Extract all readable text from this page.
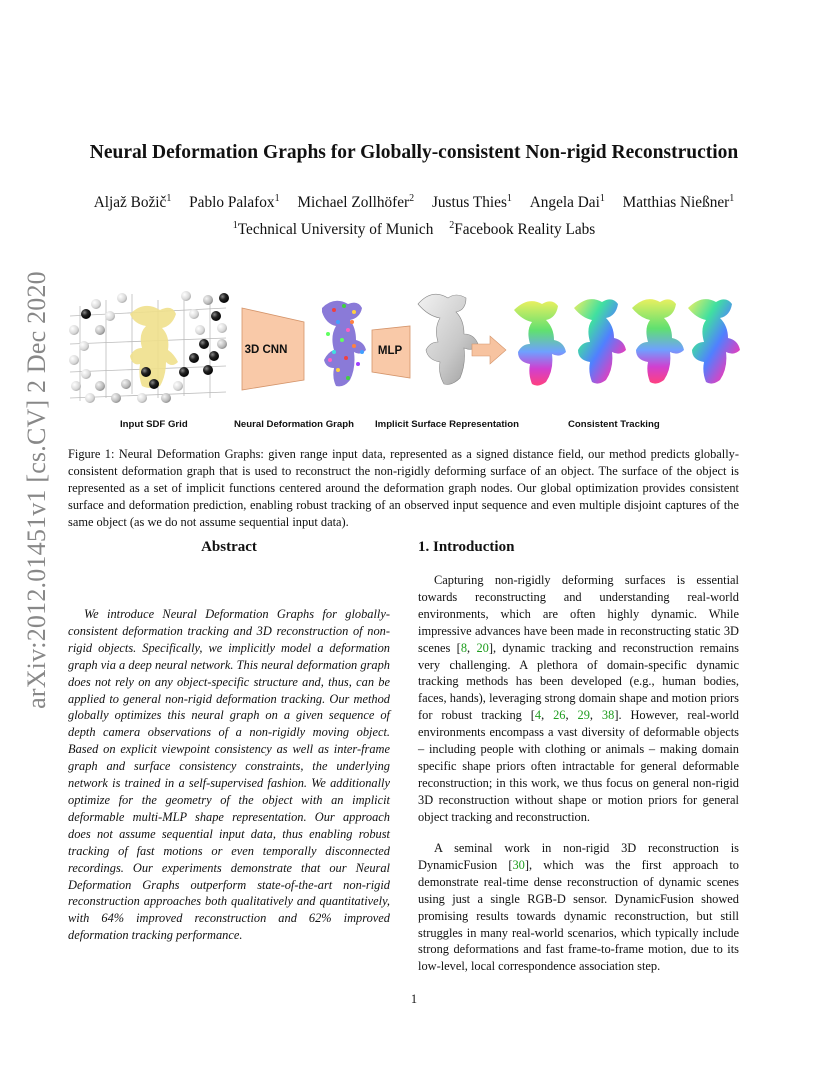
arXiv:2012.01451v1 [cs.CV] 2 Dec 2020
Neural Deformation Graphs for Globally-consistent Non-rigid Reconstruction
Aljaž Božič$^1$ Pablo Palafox$^1$ Michael Zollhöfer$^2$ Justus Thies$^1$ Angela Dai$^1$ Matthias Nießner$^1$
$^1$Technical University of Munich $^2$Facebook Reality Labs
3D CNN	MLP
Input SDF Grid	Neural Deformation Graph Implicit Surface Representation	Consistent Tracking

Figure 1: Neural Deformation Graphs: given range input data, represented as a signed distance field, our method predicts globally-consistent deformation graph that is used to reconstruct the non-rigidly deforming surface of an object. The surface of the object is represented as a set of implicit functions centered around the deformation graph nodes. Our global optimization provides consistent surface and deformation prediction, enabling robust tracking of an observed input sequence and even multiple disjoint captures of the same object (as we do not assume sequential input data).

Abstract

We introduce Neural Deformation Graphs for globally-consistent deformation tracking and 3D reconstruction of non-rigid objects. Specifically, we implicitly model a deformation graph via a deep neural network. This neural deformation graph does not rely on any object-specific structure and, thus, can be applied to general non-rigid deformation tracking. Our method globally optimizes this neural graph on a given sequence of depth camera observations of a non-rigidly moving object. Based on explicit viewpoint consistency as well as inter-frame graph and surface consistency constraints, the underlying network is trained in a self-supervised fashion. We additionally optimize for the geometry of the object with an implicit deformable multi-MLP shape representation. Our approach does not assume sequential input data, thus enabling robust tracking of fast motions or even temporally disconnected recordings. Our experiments demonstrate that our Neural Deformation Graphs outperform state-of-the-art non-rigid reconstruction approaches both qualitatively and quantitatively, with 64% improved reconstruction and 62% improved deformation tracking performance.

1. Introduction

Capturing non-rigidly deforming surfaces is essential towards reconstructing and understanding real-world environments, which are often highly dynamic. While impressive advances have been made in reconstructing static 3D scenes [8, 20], dynamic tracking and reconstruction remains very challenging. A plethora of domain-specific dynamic tracking methods has been developed (e.g., human bodies, faces, hands), leveraging strong domain shape and motion priors for robust tracking [4, 26, 29, 38]. However, real-world environments encompass a vast diversity of deformable objects – including people with clothing or animals – making domain specific shape priors often intractable for general deformable reconstruction; in this work, we thus focus on general non-rigid 3D reconstruction without shape or motion priors for general object tracking and reconstruction.

A seminal work in non-rigid 3D reconstruction is DynamicFusion [30], which was the first approach to demonstrate real-time dense reconstruction of dynamic scenes using just a single RGB-D sensor. DynamicFusion showed promising results towards dynamic reconstruction, but still struggles in many real-world scenarios, which typically include strong deformations and fast frame-to-frame motion, due to its low-level, local correspondence association step.

1
